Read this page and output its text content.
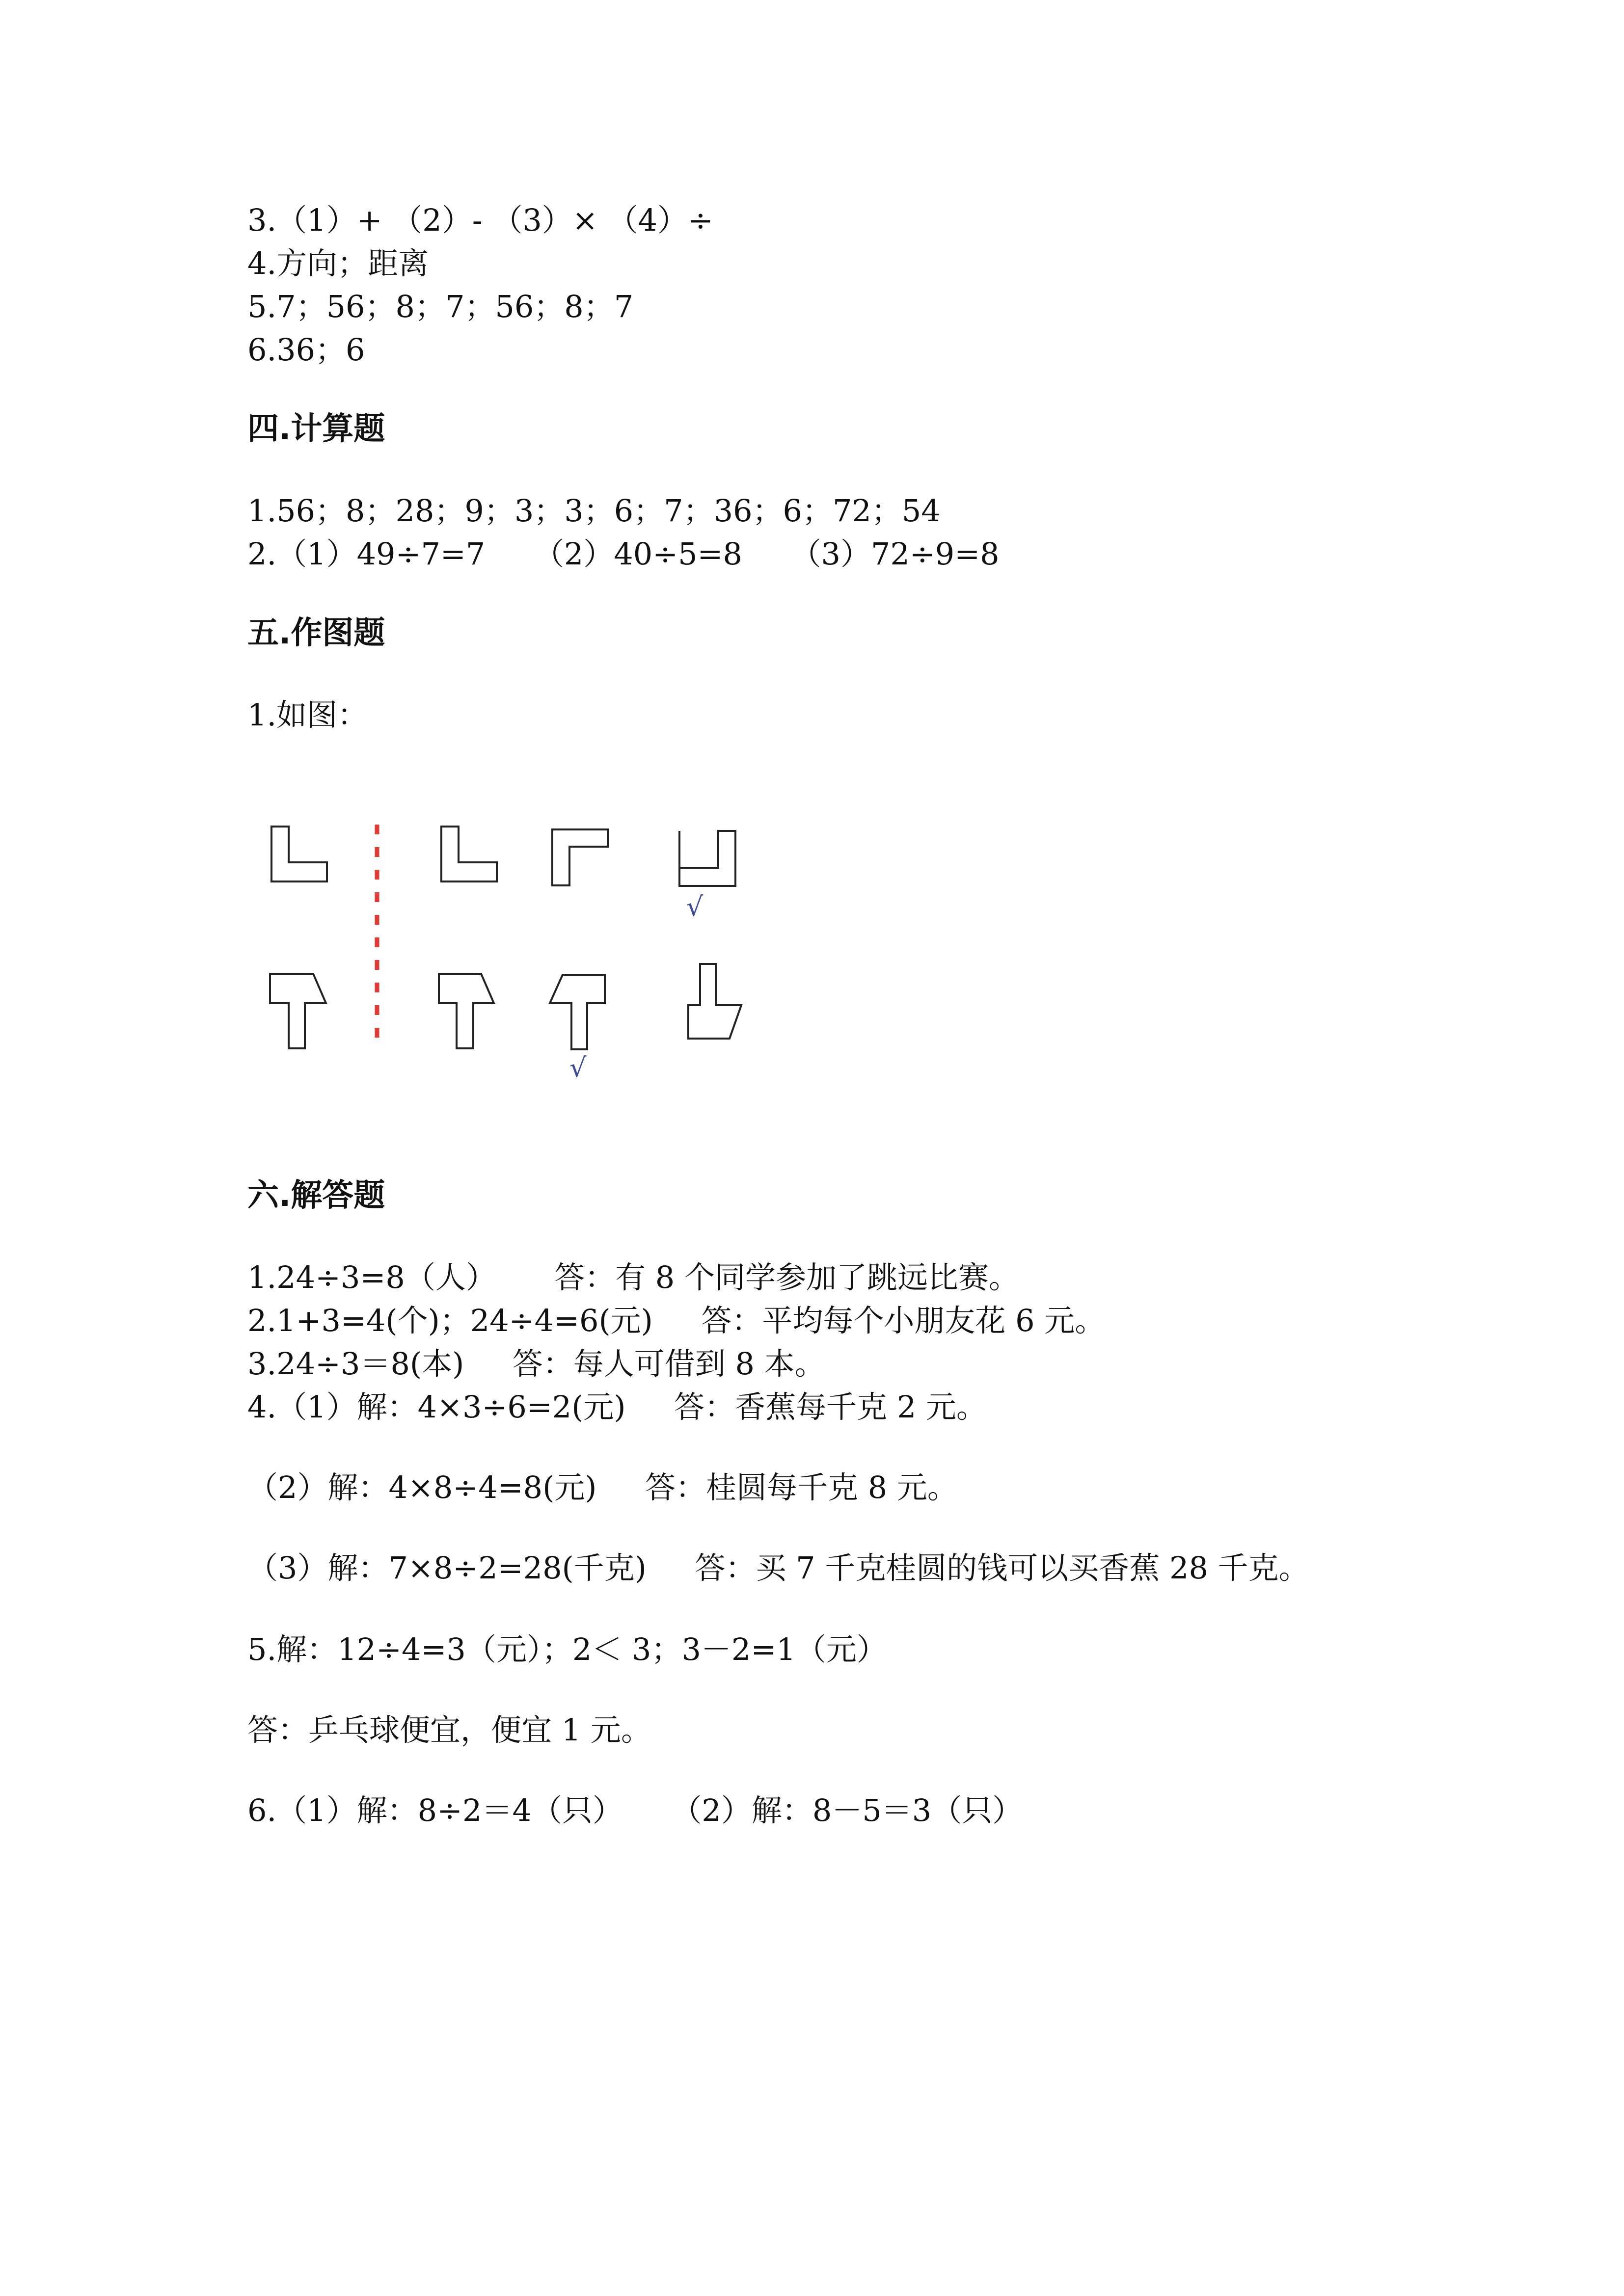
3.（1）+ （2）- （3）× （4）÷
4.方向；距离
5.7；56；8；7；56；8；7
6.36；6
四.计算题
1.56；8；28；9；3；3；6；7；36；6；72；54
2.（1）49÷7=7     （2）40÷5=8     （3）72÷9=8
五.作图题
1.如图：
√
√
六.解答题
1.24÷3=8（人）      答：有 8 个同学参加了跳远比赛。
2.1+3=4(个)；24÷4=6(元)     答：平均每个小朋友花 6 元。
3.24÷3＝8(本)     答：每人可借到 8 本。
4.（1）解：4×3÷6=2(元)     答：香蕉每千克 2 元。
（2）解：4×8÷4=8(元)     答：桂圆每千克 8 元。
（3）解：7×8÷2=28(千克)     答：买 7 千克桂圆的钱可以买香蕉 28 千克。
5.解：12÷4=3（元）；2＜ 3；3－2=1（元）
答：乒乓球便宜，便宜 1 元。
6.（1）解：8÷2＝4（只）     （2）解：8－5＝3（只）
